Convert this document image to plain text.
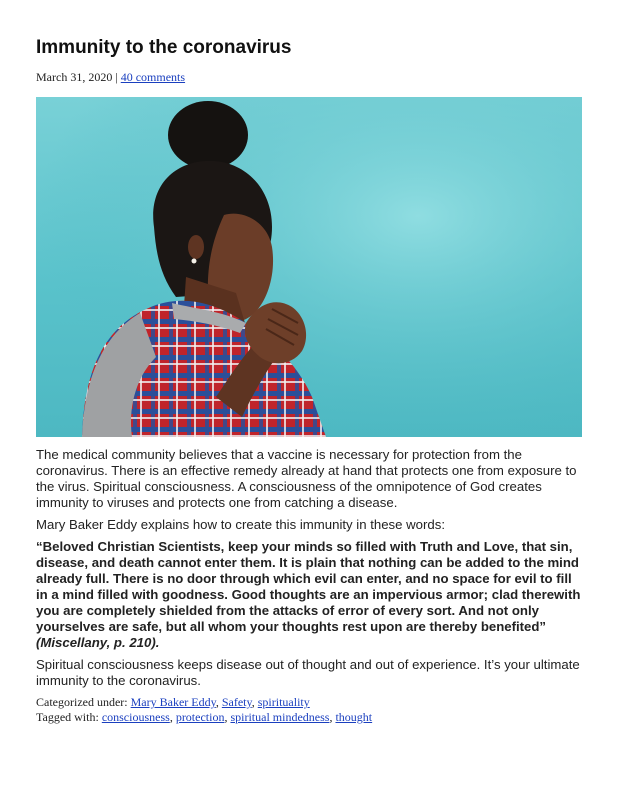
Immunity to the coronavirus
March 31, 2020 | 40 comments

The medical community believes that a vaccine is necessary for protection from the coronavirus. There is an effective remedy already at hand that protects one from exposure to the virus. Spiritual consciousness. A consciousness of the omnipotence of God creates immunity to viruses and protects one from catching a disease.

Mary Baker Eddy explains how to create this immunity in these words:

“Beloved Christian Scientists, keep your minds so filled with Truth and Love, that sin, disease, and death cannot enter them. It is plain that nothing can be added to the mind already full. There is no door through which evil can enter, and no space for evil to fill in a mind filled with goodness. Good thoughts are an impervious armor; clad therewith you are completely shielded from the attacks of error of every sort. And not only yourselves are safe, but all whom your thoughts rest upon are thereby benefited” (Miscellany, p. 210).

Spiritual consciousness keeps disease out of thought and out of experience. It’s your ultimate immunity to the coronavirus.

Categorized under: Mary Baker Eddy, Safety, spirituality
Tagged with: consciousness, protection, spiritual mindedness, thought
